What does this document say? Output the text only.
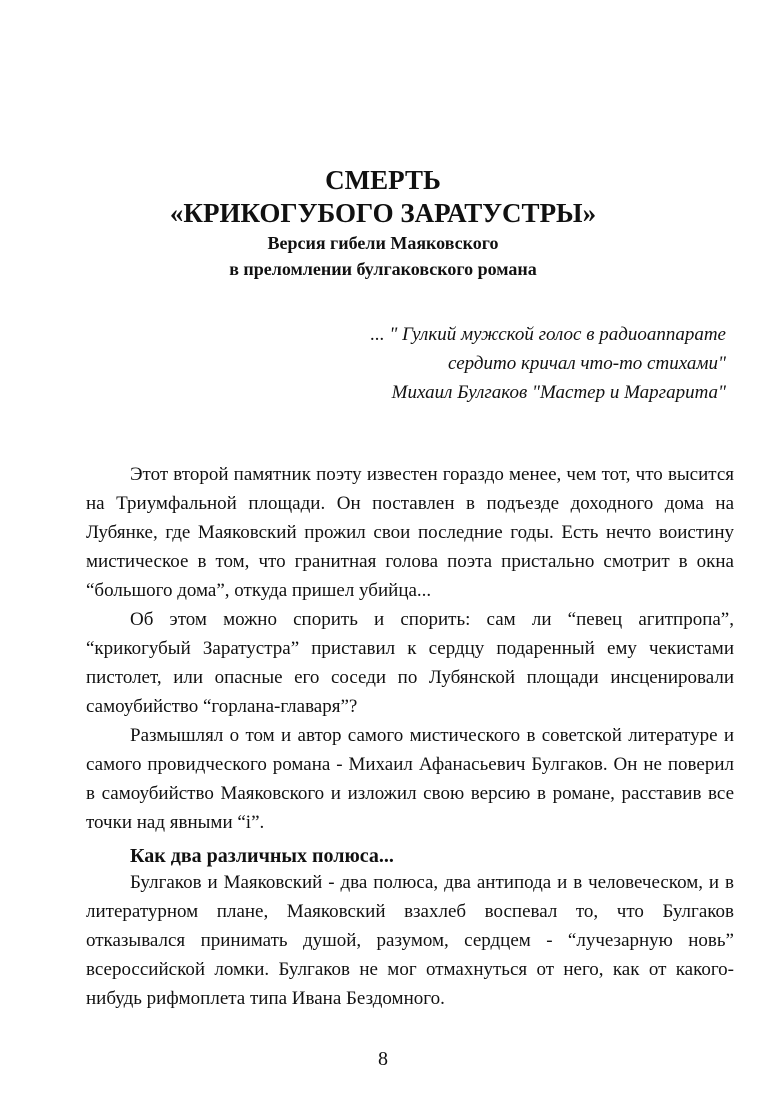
СМЕРТЬ
«КРИКОГУБОГО ЗАРАТУСТРЫ»
Версия гибели Маяковского
в преломлении булгаковского романа
... " Гулкий мужской голос в радиоаппарате
сердито кричал что-то стихами"
Михаил Булгаков "Мастер и Маргарита"

Этот второй памятник поэту известен гораздо менее, чем тот, что высится на Триумфальной площади. Он поставлен в подъезде доходного дома на Лубянке, где Маяковский прожил свои последние годы. Есть нечто воистину мистическое в том, что гранитная голова поэта пристально смотрит в окна “большого дома”, откуда пришел убийца...

Об этом можно спорить и спорить: сам ли “певец агитпропа”, “крикогубый Заратустра” приставил к сердцу подаренный ему чекистами пистолет, или опасные его соседи по Лубянской площади инсценировали самоубийство “горлана-главаря”?

Размышлял о том и автор самого мистического в советской литературе и самого провидческого романа - Михаил Афанасьевич Булгаков. Он не поверил в самоубийство Маяковского и изложил свою версию в романе, расставив все точки над явными “і”.

Как два различных полюса...

Булгаков и Маяковский - два полюса, два антипода и в человеческом, и в литературном плане, Маяковский взахлеб воспевал то, что Булгаков отказывался принимать душой, разумом, сердцем - “лучезарную новь” всероссийской ломки. Булгаков не мог отмахнуться от него, как от какого-нибудь рифмоплета типа Ивана Бездомного.

8
